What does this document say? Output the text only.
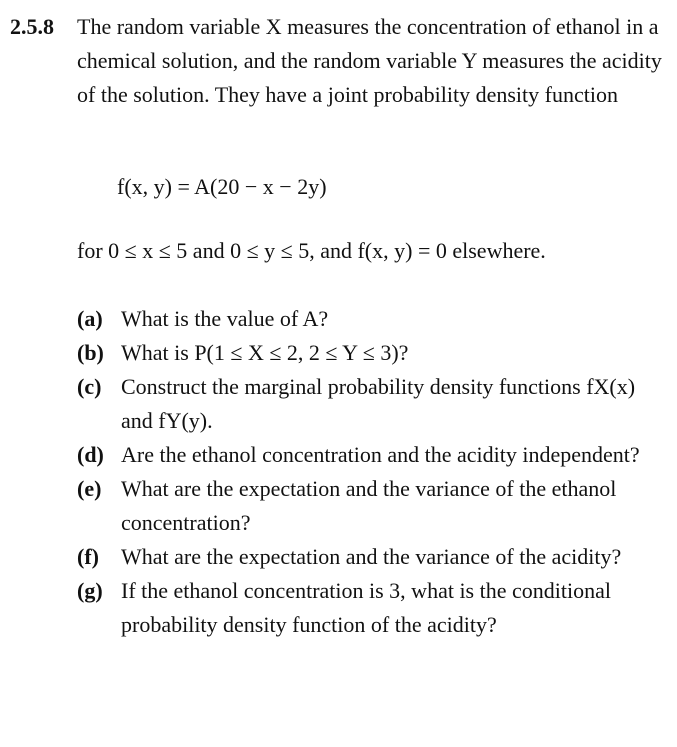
2.5.8 The random variable X measures the concentration of ethanol in a chemical solution, and the random variable Y measures the acidity of the solution. They have a joint probability density function
f(x, y) = A(20 − x − 2y)
for 0 ≤ x ≤ 5 and 0 ≤ y ≤ 5, and f(x, y) = 0 elsewhere.
(a) What is the value of A?
(b) What is P(1 ≤ X ≤ 2, 2 ≤ Y ≤ 3)?
(c) Construct the marginal probability density functions fX(x) and fY(y).
(d) Are the ethanol concentration and the acidity independent?
(e) What are the expectation and the variance of the ethanol concentration?
(f) What are the expectation and the variance of the acidity?
(g) If the ethanol concentration is 3, what is the conditional probability density function of the acidity?
